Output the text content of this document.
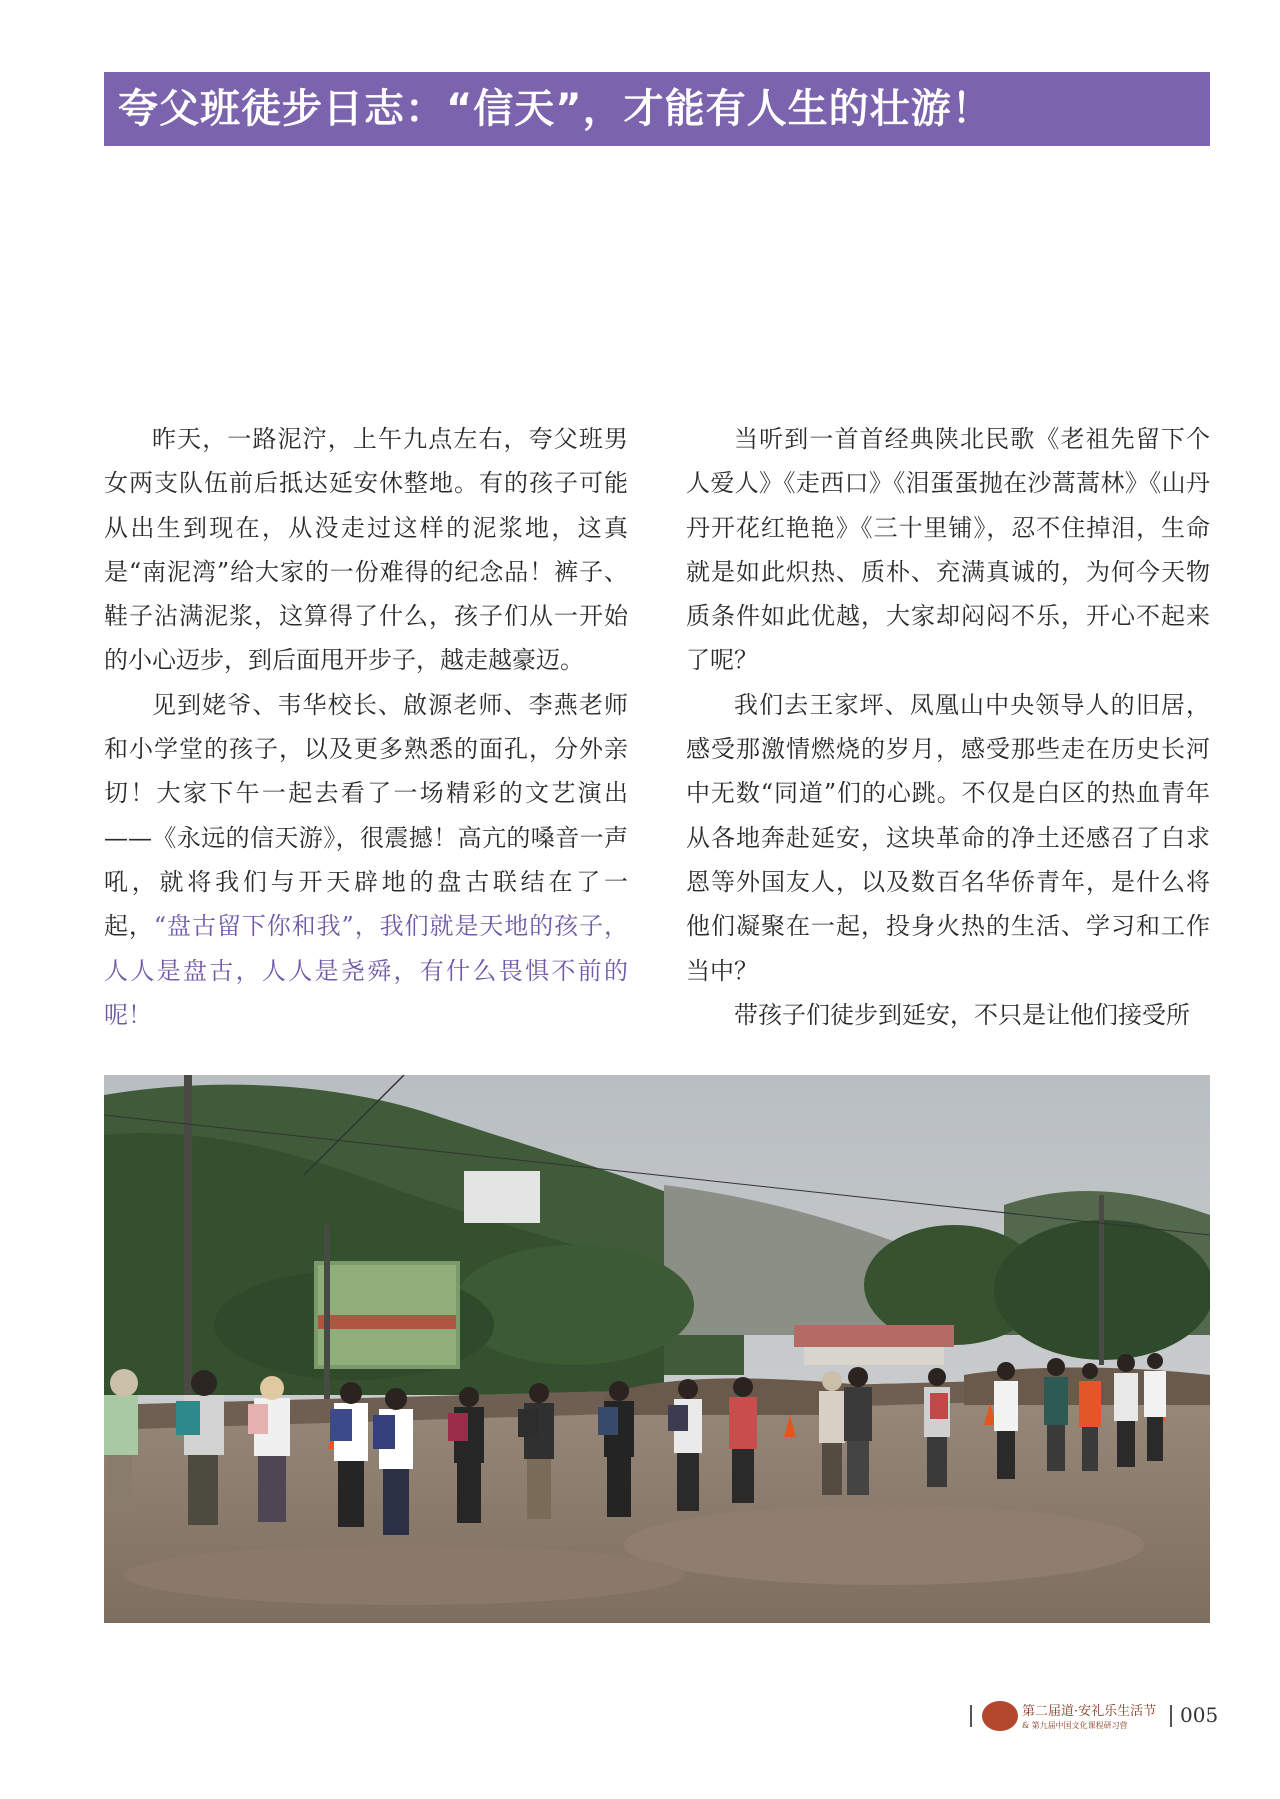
夸父班徒步日志：“信天”，才能有人生的壮游！

昨天，一路泥泞，上午九点左右，夸父班男女两支队伍前后抵达延安休整地。有的孩子可能从出生到现在，从没走过这样的泥浆地，这真是“南泥湾”给大家的一份难得的纪念品！裤子、鞋子沾满泥浆，这算得了什么，孩子们从一开始的小心迈步，到后面甩开步子，越走越豪迈。

见到姥爷、韦华校长、啟源老师、李燕老师和小学堂的孩子，以及更多熟悉的面孔，分外亲切！大家下午一起去看了一场精彩的文艺演出——《永远的信天游》，很震撼！高亢的嗓音一声吼，就将我们与开天辟地的盘古联结在了一起，“盘古留下你和我”，我们就是天地的孩子，人人是盘古，人人是尧舜，有什么畏惧不前的呢！

当听到一首首经典陕北民歌《老祖先留下个人爱人》《走西口》《泪蛋蛋抛在沙蒿蒿林》《山丹丹开花红艳艳》《三十里铺》，忍不住掉泪，生命就是如此炽热、质朴、充满真诚的，为何今天物质条件如此优越，大家却闷闷不乐，开心不起来了呢？

我们去王家坪、凤凰山中央领导人的旧居，感受那激情燃烧的岁月，感受那些走在历史长河中无数“同道”们的心跳。不仅是白区的热血青年从各地奔赴延安，这块革命的净土还感召了白求恩等外国友人，以及数百名华侨青年，是什么将他们凝聚在一起，投身火热的生活、学习和工作当中？

带孩子们徒步到延安，不只是让他们接受所

第二届道·安礼乐生活节
& 第九届中国文化课程研习营	005
